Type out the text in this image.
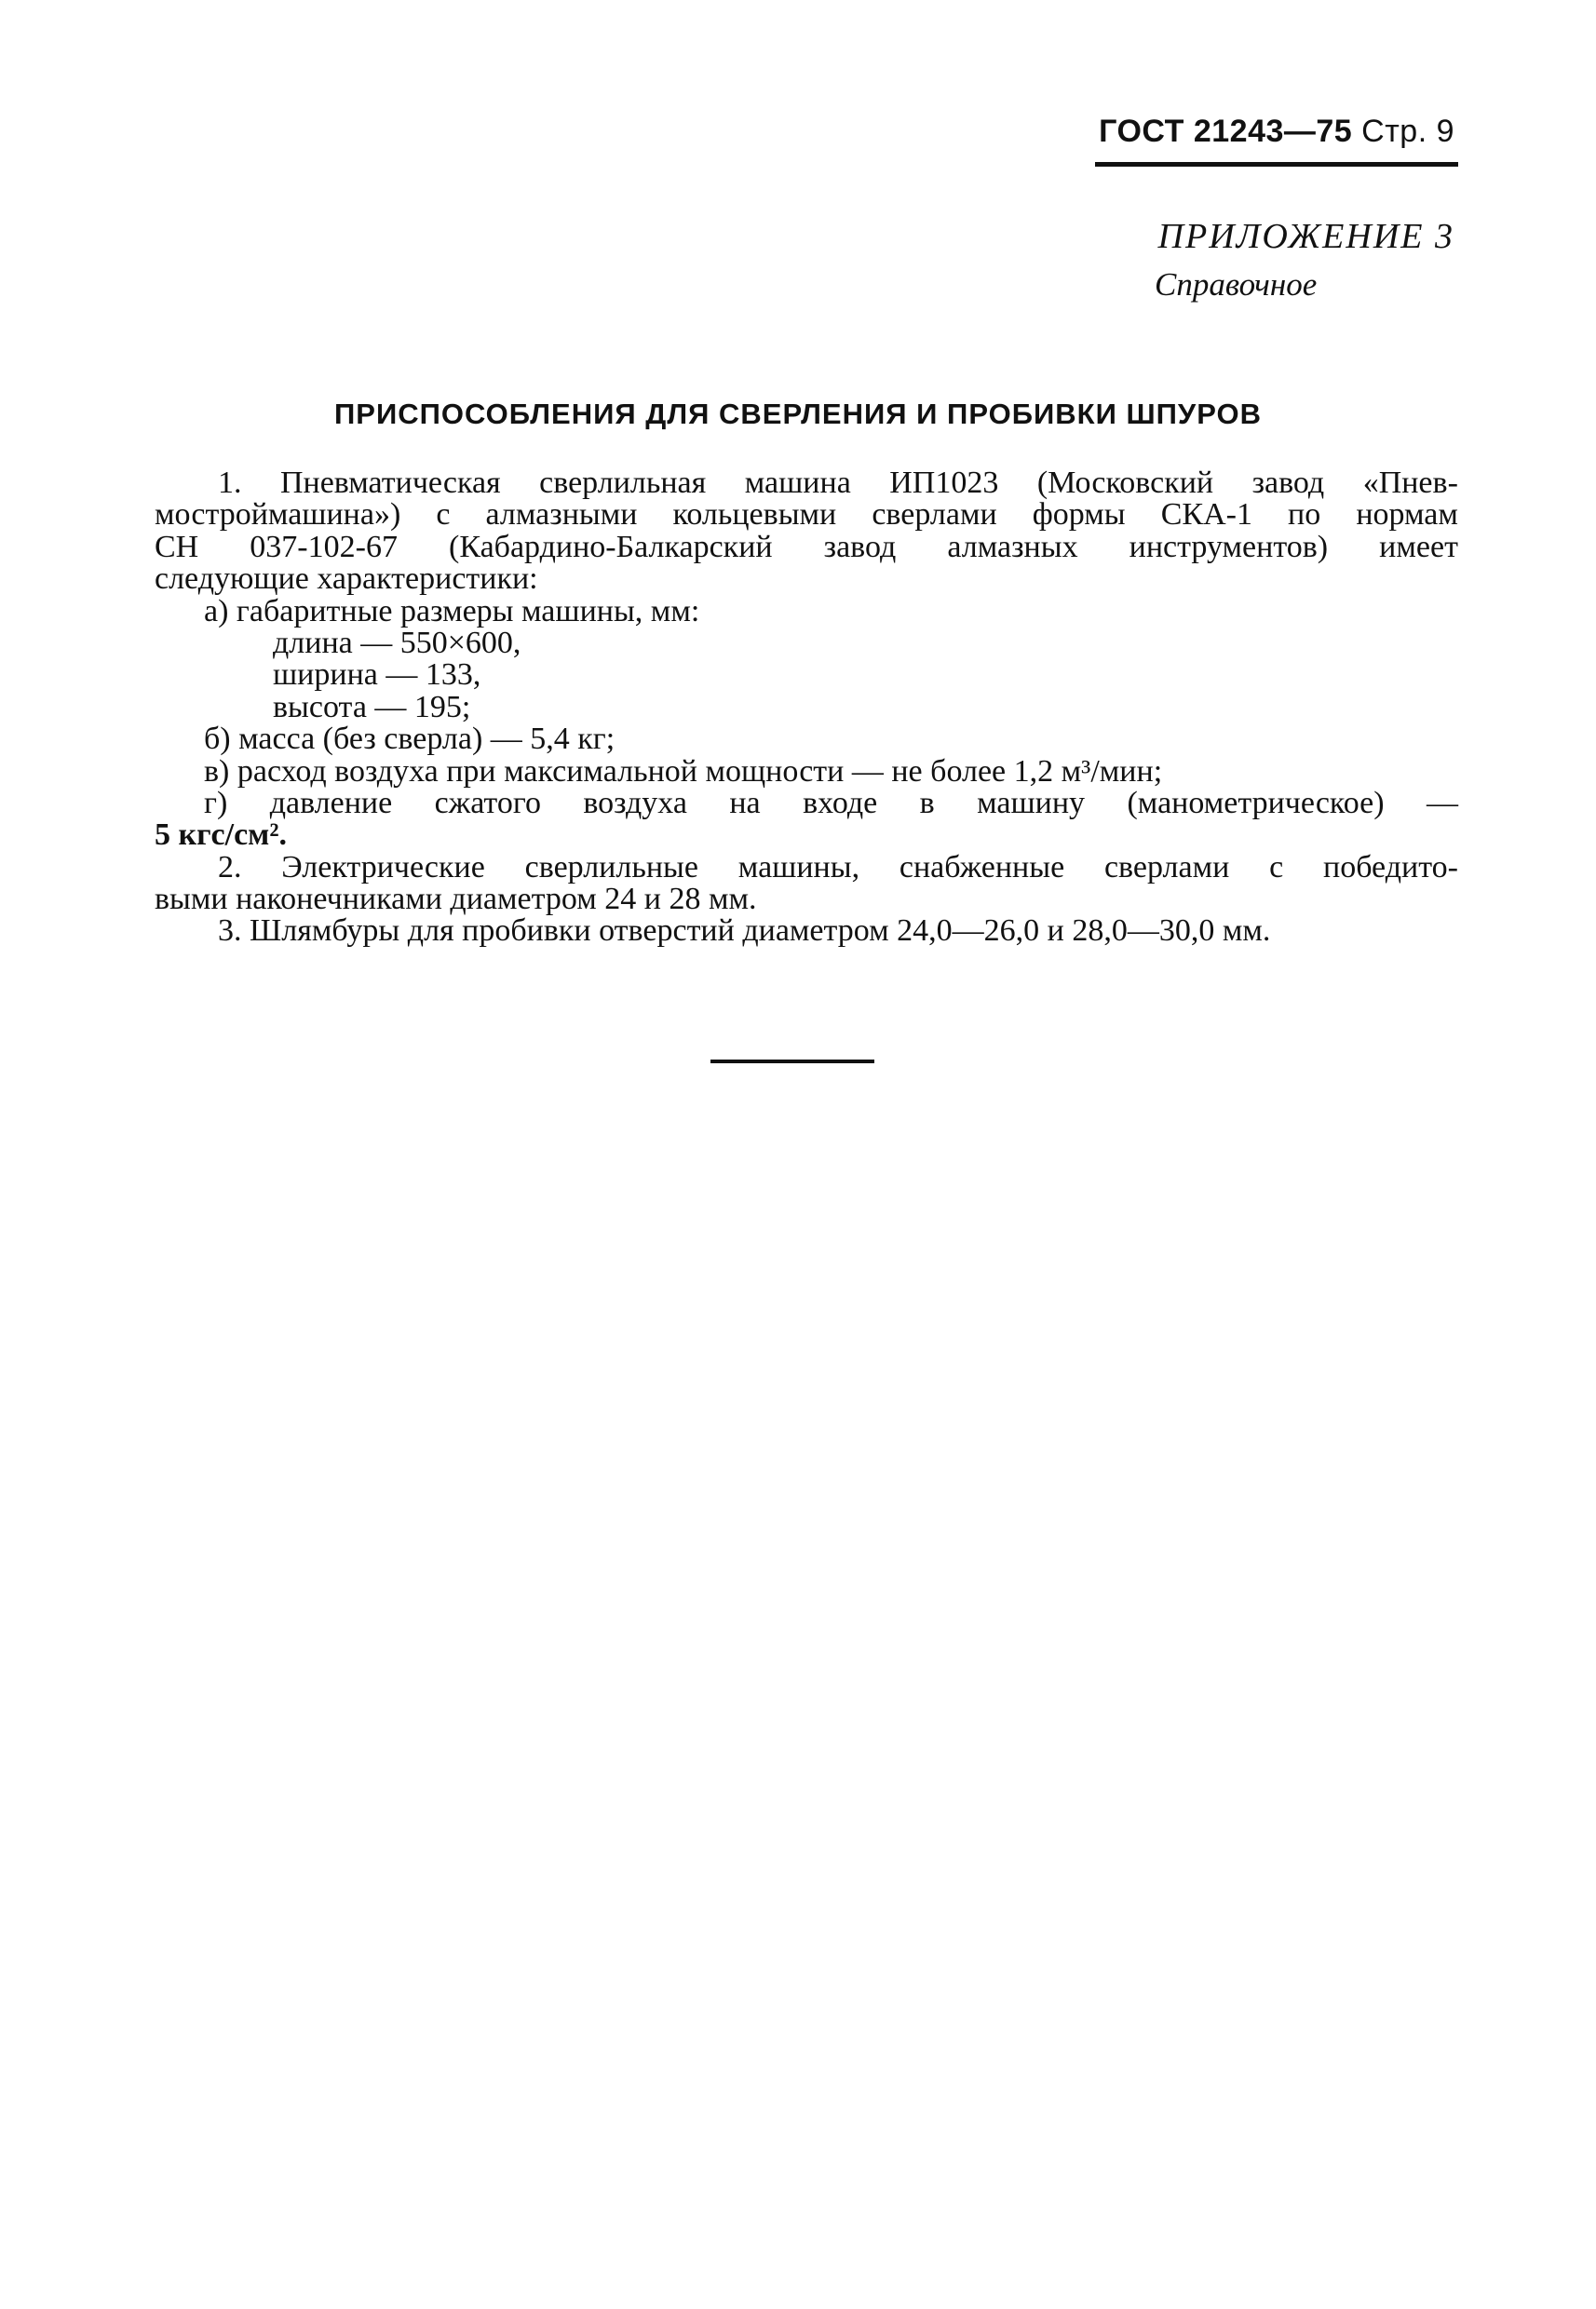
ГОСТ 21243—75 Стр. 9
ПРИЛОЖЕНИЕ 3
Справочное
ПРИСПОСОБЛЕНИЯ ДЛЯ СВЕРЛЕНИЯ И ПРОБИВКИ ШПУРОВ
1. Пневматическая сверлильная машина ИП1023 (Московский завод «Пнев-
мостроймашина») с алмазными кольцевыми сверлами формы СКА-1 по нормам
СН 037-102-67 (Кабардино-Балкарский завод алмазных инструментов) имеет
следующие характеристики:
а) габаритные размеры машины, мм:
длина — 550×600,
ширина — 133,
высота — 195;
б) масса (без сверла) — 5,4 кг;
в) расход воздуха при максимальной мощности — не более 1,2 м³/мин;
г) давление сжатого воздуха на входе в машину (манометрическое) —
5 кгс/см².
2. Электрические сверлильные машины, снабженные сверлами с победито-
выми наконечниками диаметром 24 и 28 мм.
3. Шлямбуры для пробивки отверстий диаметром 24,0—26,0 и 28,0—30,0 мм.
